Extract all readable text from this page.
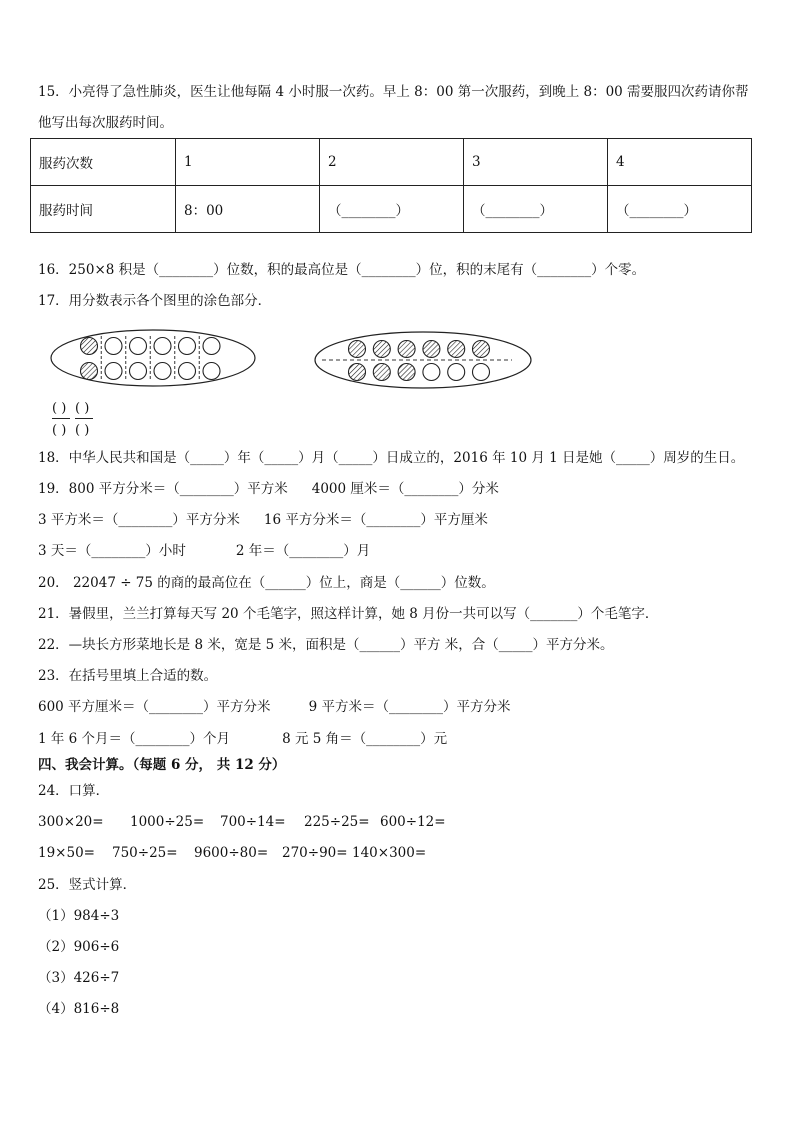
15．小亮得了急性肺炎，医生让他每隔 4 小时服一次药。早上 8：00 第一次服药，到晚上 8：00 需要服四次药请你帮
他写出每次服药时间。
服药次数	1	2	3	4
服药时间	8：00	（________）	（________）	（________）
16．250×8 积是（________）位数，积的最高位是（________）位，积的末尾有（________）个零。
17．用分数表示各个图里的涂色部分．
( )
( )
( )
( )
18．中华人民共和国是（_____）年（_____）月（_____）日成立的，2016 年 10 月 1 日是她（_____）周岁的生日。
19．800 平方分米＝（________）平方米 4000 厘米＝（________）分米
3 平方米＝（________）平方分米 16 平方分米＝（________）平方厘米
3 天＝（________）小时	2 年＝（________）月
20． 22047 ÷ 75 的商的最高位在（______）位上，商是（______）位数。
21．暑假里，兰兰打算每天写 20 个毛笔字，照这样计算，她 8 月份一共可以写（_______）个毛笔字．
22．—块长方形菜地长是 8 米，宽是 5 米，面积是（______）平方 米，合（_____）平方分米。
23．在括号里填上合适的数。
600 平方厘米＝（________）平方分米	9 平方米＝（________）平方分米
1 年 6 个月＝（________）个月	8 元 5 角＝（________）元
四、我会计算。（每题 6 分， 共 12 分）
24．口算．
300×20= 1000÷25= 700÷14= 225÷25= 600÷12=
19×50= 750÷25= 9600÷80= 270÷90= 140×300=
25．竖式计算．
（1）984÷3
（2）906÷6
（3）426÷7
（4）816÷8
